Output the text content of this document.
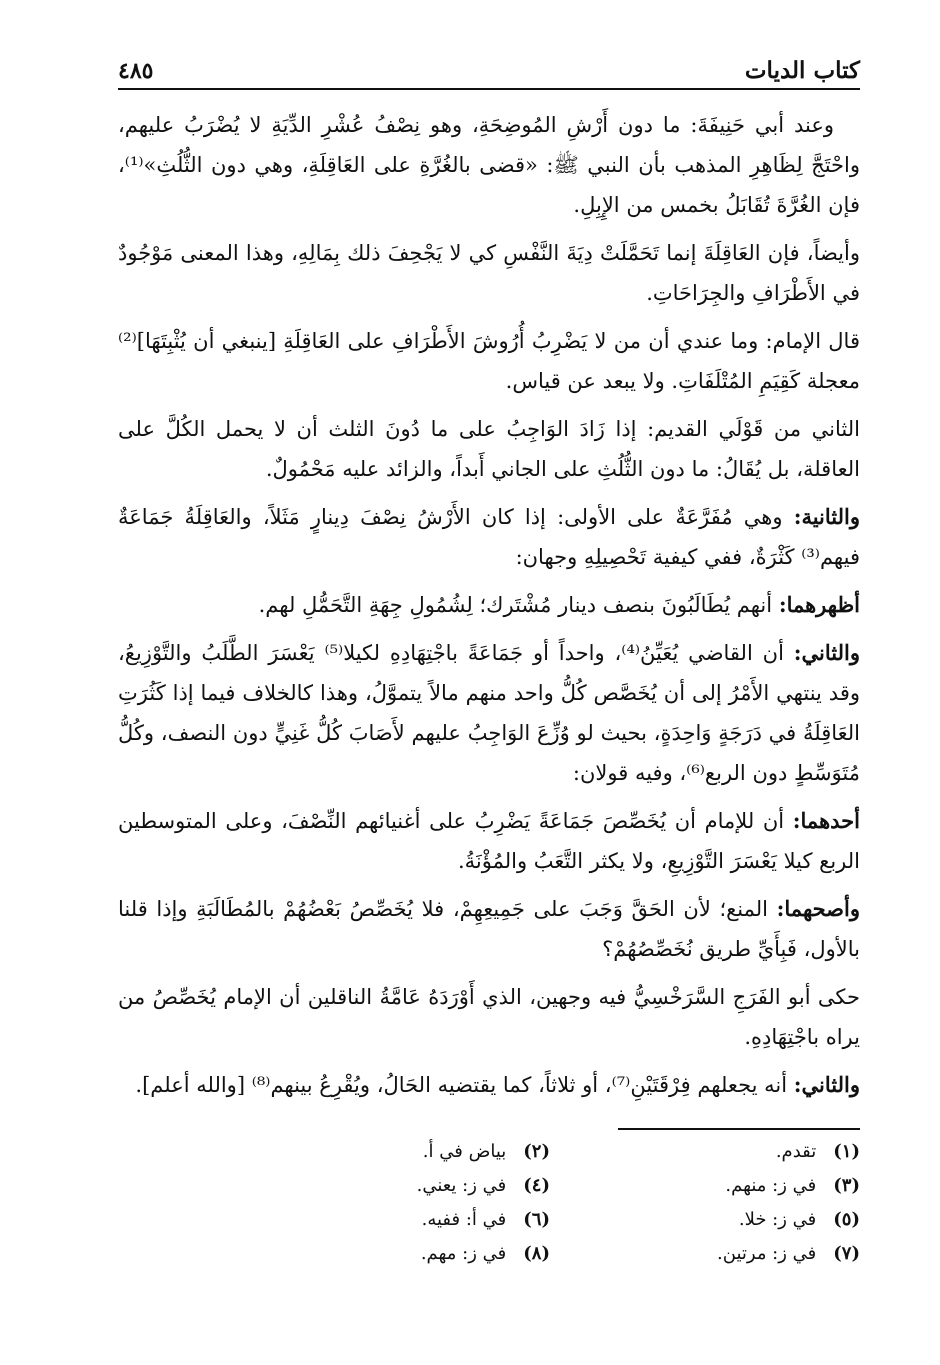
كتاب الديات
٤٨٥

وعند أبي حَنِيفَةَ: ما دون أَرْشِ المُوضِحَةِ، وهو نِصْفُ عُشْرِ الدِّيَةِ لا يُضْرَبُ عليهم، واحْتَجَّ لِظَاهِرِ المذهب بأن النبي ﷺ: «قضى بالغُرَّةِ على العَاقِلَةِ، وهي دون الثُّلُثِ»⁽¹⁾، فإن الغُرَّةَ تُقَابَلُ بخمس من الإِبِلِ.

وأيضاً، فإن العَاقِلَةَ إنما تَحَمَّلَتْ دِيَةَ النَّفْسِ كي لا يَجْحِفَ ذلك بِمَالِهِ، وهذا المعنى مَوْجُودٌ في الأَطْرَافِ والجِرَاحَاتِ.

قال الإمام: وما عندي أن من لا يَضْرِبُ أُرُوشَ الأَطْرَافِ على العَاقِلَةِ [ينبغي أن يُثْبِتَهَا]⁽²⁾ معجلة كَقِيَمِ المُتْلَفَاتِ. ولا يبعد عن قياس.

الثاني من قَوْلَي القديم: إذا زَادَ الوَاجِبُ على ما دُونَ الثلث أن لا يحمل الكُلَّ على العاقلة، بل يُقَالُ: ما دون الثُّلُثِ على الجاني أَبداً، والزائد عليه مَحْمُولٌ.

والثانية: وهي مُفَرَّعَةٌ على الأولى: إذا كان الأَرْشُ نِصْفَ دِينارٍ مَثَلاً، والعَاقِلَةُ جَمَاعَةٌ فيهم⁽³⁾ كَثْرَةٌ، ففي كيفية تَحْصِيلِهِ وجهان:

أظهرهما: أنهم يُطَالَبُونَ بنصف دينار مُشْتَرك؛ لِشُمُولِ جِهَةِ التَّحَمُّلِ لهم.

والثاني: أن القاضي يُعَيِّنُ⁽⁴⁾، واحداً أو جَمَاعَةً باجْتِهَادِهِ لكيلا⁽⁵⁾ يَعْسَرَ الطَّلَبُ والتَّوْزِيعُ، وقد ينتهي الأَمْرُ إلى أن يُخَصَّص كُلُّ واحد منهم مالاً يتموَّلُ، وهذا كالخلاف فيما إذا كَثُرَتِ العَاقِلَةُ في دَرَجَةٍ وَاحِدَةٍ، بحيث لو وُزِّعَ الوَاجِبُ عليهم لأَصَابَ كُلُّ غَنِيٍّ دون النصف، وكُلُّ مُتَوَسِّطٍ دون الربع⁽⁶⁾، وفيه قولان:

أحدهما: أن للإمام أن يُخَصِّصَ جَمَاعَةً يَضْرِبُ على أغنيائهم النِّصْفَ، وعلى المتوسطين الربع كيلا يَعْسَرَ التَّوْزِيعِ، ولا يكثر التَّعَبُ والمُؤْنَةُ.

وأصحهما: المنع؛ لأن الحَقَّ وَجَبَ على جَمِيعِهِمْ، فلا يُخَصِّصُ بَعْضُهُمْ بالمُطَالَبَةِ وإذا قلنا بالأول، فَبِأَيِّ طريق نُخَصِّصُهُمْ؟

حكى أبو الفَرَجِ السَّرَخْسِيُّ فيه وجهين، الذي أَوْرَدَهُ عَامَّةُ الناقلين أن الإمام يُخَصِّصُ من يراه باجْتِهَادِهِ.

والثاني: أنه يجعلهم فِرْقَتَيْنِ⁽⁷⁾، أو ثلاثاً، كما يقتضيه الحَالُ، ويُقْرِعُ بينهم⁽⁸⁾ [والله أعلم].

(١) تقدم.
(٢) بياض في أ.
(٣) في ز: منهم.
(٤) في ز: يعني.
(٥) في ز: خلا.
(٦) في أ: ففيه.
(٧) في ز: مرتين.
(٨) في ز: مهم.
